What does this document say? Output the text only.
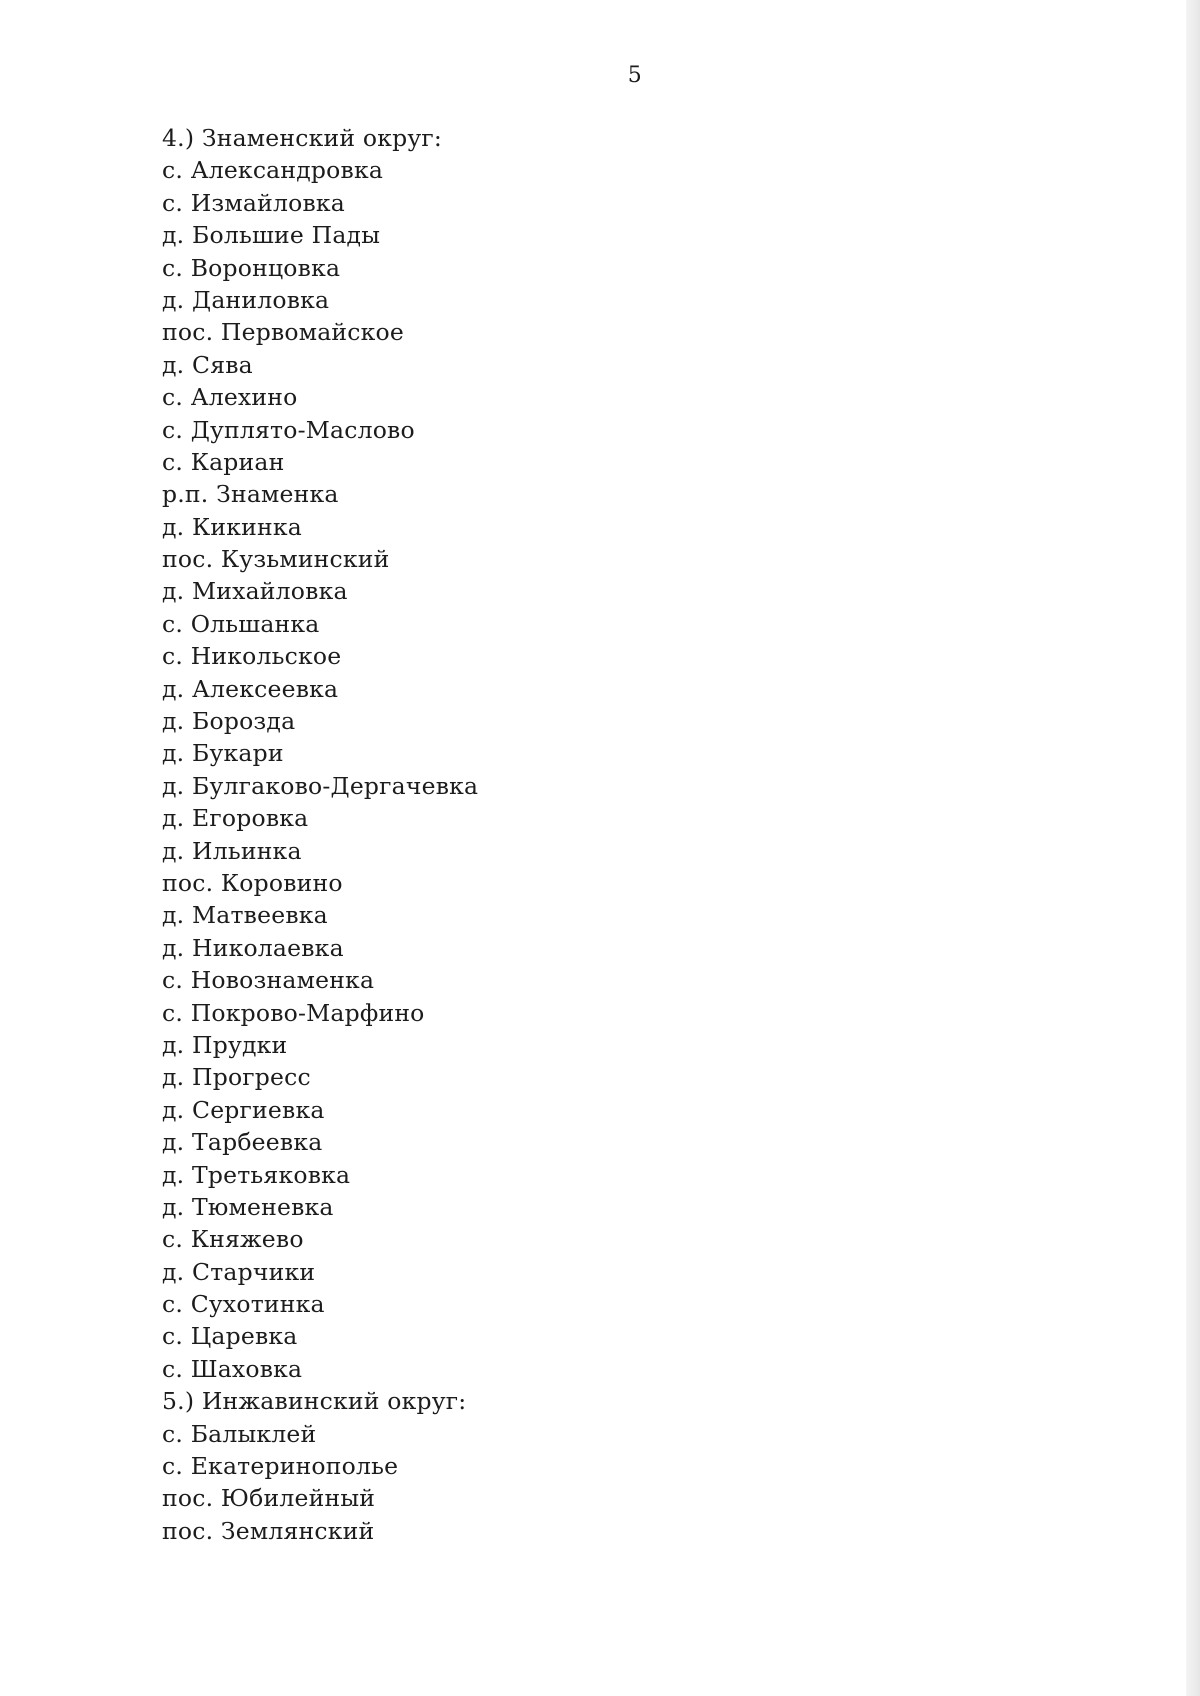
5
4.) Знаменский округ:
с. Александровка
с. Измайловка
д. Большие Пады
с. Воронцовка
д. Даниловка
пос. Первомайское
д. Сява
с. Алехино
с. Дуплято-Маслово
с. Кариан
р.п. Знаменка
д. Кикинка
пос. Кузьминский
д. Михайловка
с. Ольшанка
с. Никольское
д. Алексеевка
д. Борозда
д. Букари
д. Булгаково-Дергачевка
д. Егоровка
д. Ильинка
пос. Коровино
д. Матвеевка
д. Николаевка
с. Новознаменка
с. Покрово-Марфино
д. Прудки
д. Прогресс
д. Сергиевка
д. Тарбеевка
д. Третьяковка
д. Тюменевка
с. Княжево
д. Старчики
с. Сухотинка
с. Царевка
с. Шаховка
5.) Инжавинский округ:
с. Балыклей
с. Екатеринополье
пос. Юбилейный
пос. Землянский
